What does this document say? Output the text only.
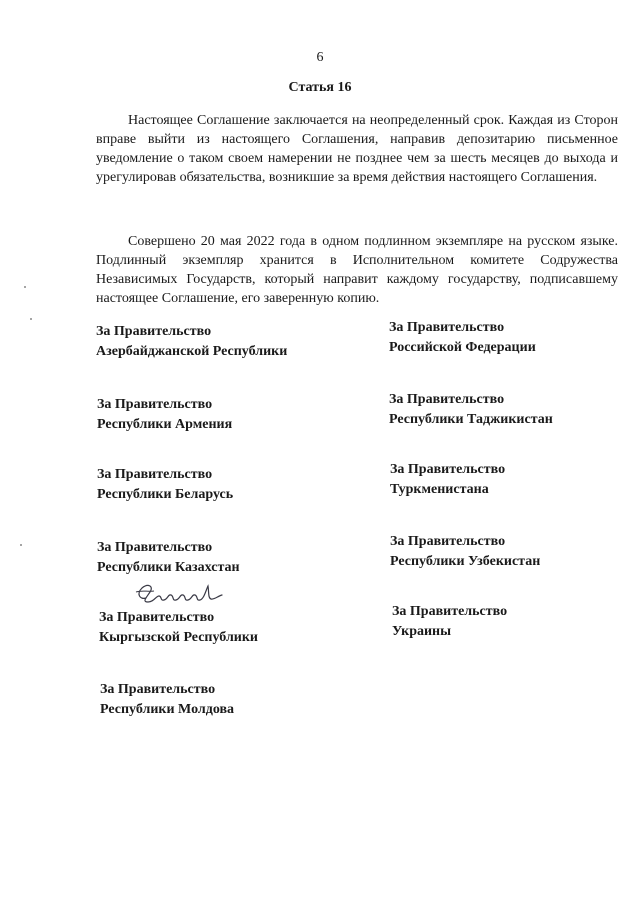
6
Статья 16

Настоящее Соглашение заключается на неопределенный срок. Каждая из Сторон вправе выйти из настоящего Соглашения, направив депозитарию письменное уведомление о таком своем намерении не позднее чем за шесть месяцев до выхода и урегулировав обязательства, возникшие за время действия настоящего Соглашения.

Совершено 20 мая 2022 года в одном подлинном экземпляре на русском языке. Подлинный экземпляр хранится в Исполнительном комитете Содружества Независимых Государств, который направит каждому государству, подписавшему настоящее Соглашение, его заверенную копию.

За Правительство
Азербайджанской Республики
За Правительство
Республики Армения
За Правительство
Республики Беларусь
За Правительство
Республики Казахстан
За Правительство
Кыргызской Республики
За Правительство
Республики Молдова
За Правительство
Российской Федерации
За Правительство
Республики Таджикистан
За Правительство
Туркменистана
За Правительство
Республики Узбекистан
За Правительство
Украины
